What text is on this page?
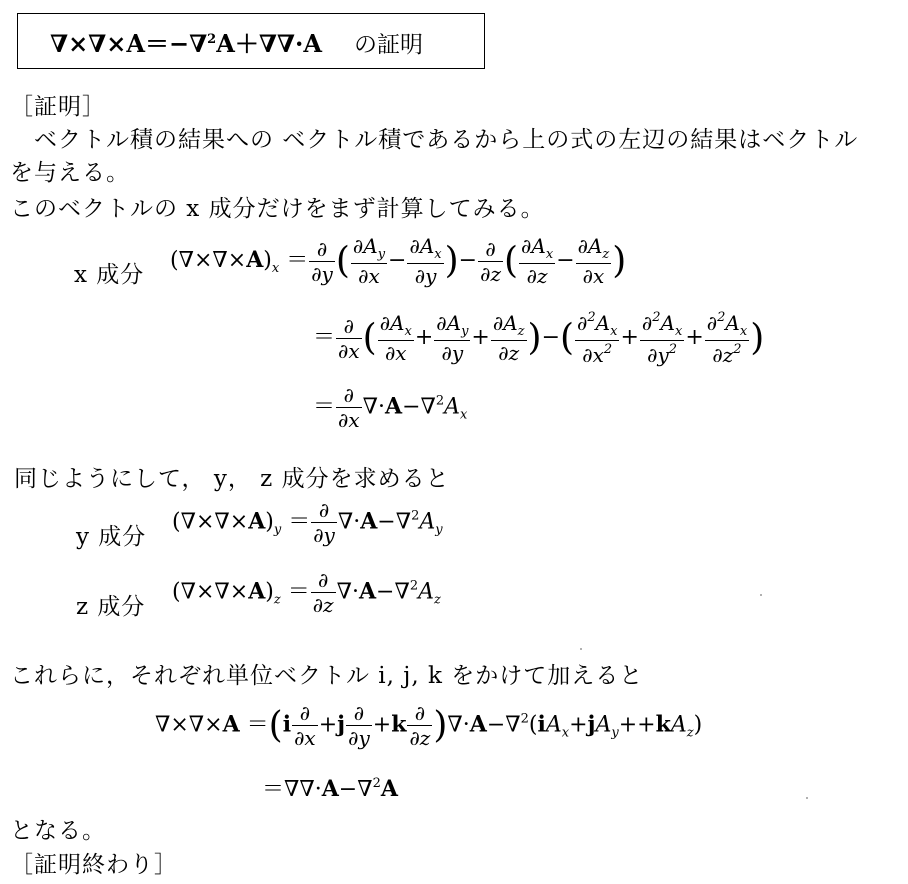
∇×∇×A＝−∇$^2$A＋∇∇·A の証明
［証明］
　ベクトル積の結果への ベクトル積であるから上の式の左辺の結果はベクトル
を与える。
このベクトルの x 成分だけをまず計算してみる。
x 成分
$(\nabla\times\nabla\times A)_x = \frac{\partial}{\partial y}$ ( $\frac{\partial A_y}{\partial x} - \frac{\partial A_x}{\partial y}$ )− $\frac{\partial}{\partial z}$ ( $\frac{\partial A_x}{\partial z} - \frac{\partial A_z}{\partial x}$ )
＝ $\frac{\partial}{\partial x}$ ( $\frac{\partial A_x}{\partial x} + \frac{\partial A_y}{\partial y} + \frac{\partial A_z}{\partial z}$ )−( $\frac{\partial^2A_x}{\partial x^2} + \frac{\partial^2A_x}{\partial y^2} + \frac{\partial^2A_x}{\partial z^2}$ )
＝ $\frac{\partial}{\partial x} \nabla\cdot A-\nabla^2A_x$
同じようにして， y， z 成分を求めると
y 成分
$(\nabla\times\nabla\times A)_y = \frac{\partial}{\partial y} \nabla\cdot A-\nabla^2A_y$
z 成分
$(\nabla\times\nabla\times A)_z = \frac{\partial}{\partial z} \nabla\cdot A-\nabla^2A_z$
これらに，それぞれ単位ベクトル i, j, k をかけて加えると
$\nabla\times\nabla\times A =(i \frac{\partial}{\partial x} +j \frac{\partial}{\partial y} +k \frac{\partial}{\partial z} )\nabla\cdot A-\nabla^2(iA_x+jA_y++kA_z)$
＝∇∇·A−∇$^2$A
となる。
［証明終わり］
